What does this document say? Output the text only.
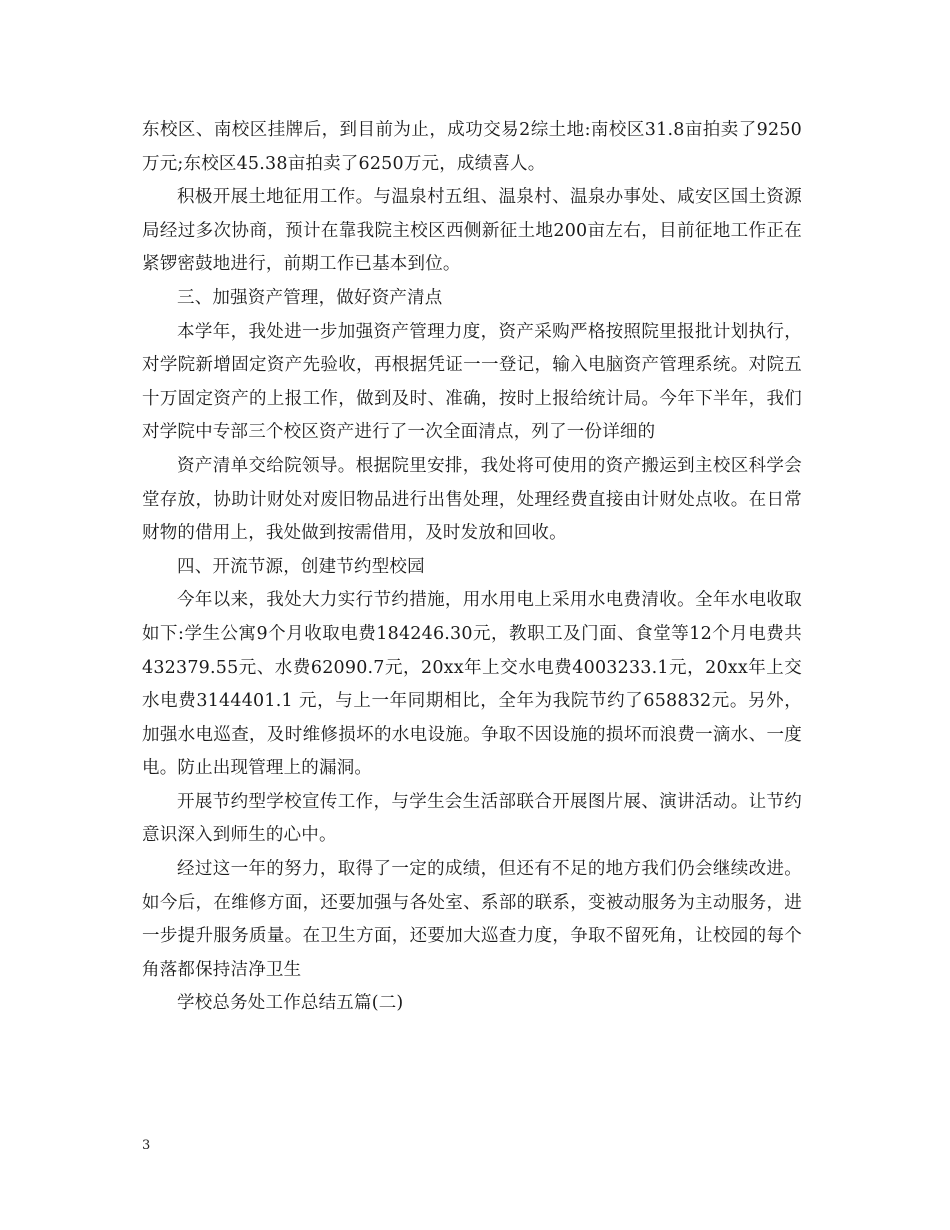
东校区、南校区挂牌后，到目前为止，成功交易2综土地:南校区31.8亩拍卖了9250万元;东校区45.38亩拍卖了6250万元，成绩喜人。

积极开展土地征用工作。与温泉村五组、温泉村、温泉办事处、咸安区国土资源局经过多次协商，预计在靠我院主校区西侧新征土地200亩左右，目前征地工作正在紧锣密鼓地进行，前期工作已基本到位。

三、加强资产管理，做好资产清点

本学年，我处进一步加强资产管理力度，资产采购严格按照院里报批计划执行，对学院新增固定资产先验收，再根据凭证一一登记，输入电脑资产管理系统。对院五十万固定资产的上报工作，做到及时、准确，按时上报给统计局。今年下半年，我们对学院中专部三个校区资产进行了一次全面清点，列了一份详细的

资产清单交给院领导。根据院里安排，我处将可使用的资产搬运到主校区科学会堂存放，协助计财处对废旧物品进行出售处理，处理经费直接由计财处点收。在日常财物的借用上，我处做到按需借用，及时发放和回收。

四、开流节源，创建节约型校园

今年以来，我处大力实行节约措施，用水用电上采用水电费清收。全年水电收取如下:学生公寓9个月收取电费184246.30元，教职工及门面、食堂等12个月电费共432379.55元、水费62090.7元，20xx年上交水电费4003233.1元，20xx年上交水电费3144401.1 元，与上一年同期相比，全年为我院节约了658832元。另外，加强水电巡查，及时维修损坏的水电设施。争取不因设施的损坏而浪费一滴水、一度电。防止出现管理上的漏洞。

开展节约型学校宣传工作，与学生会生活部联合开展图片展、演讲活动。让节约意识深入到师生的心中。

经过这一年的努力，取得了一定的成绩，但还有不足的地方我们仍会继续改进。如今后，在维修方面，还要加强与各处室、系部的联系，变被动服务为主动服务，进一步提升服务质量。在卫生方面，还要加大巡查力度，争取不留死角，让校园的每个角落都保持洁净卫生

学校总务处工作总结五篇(二)

3
